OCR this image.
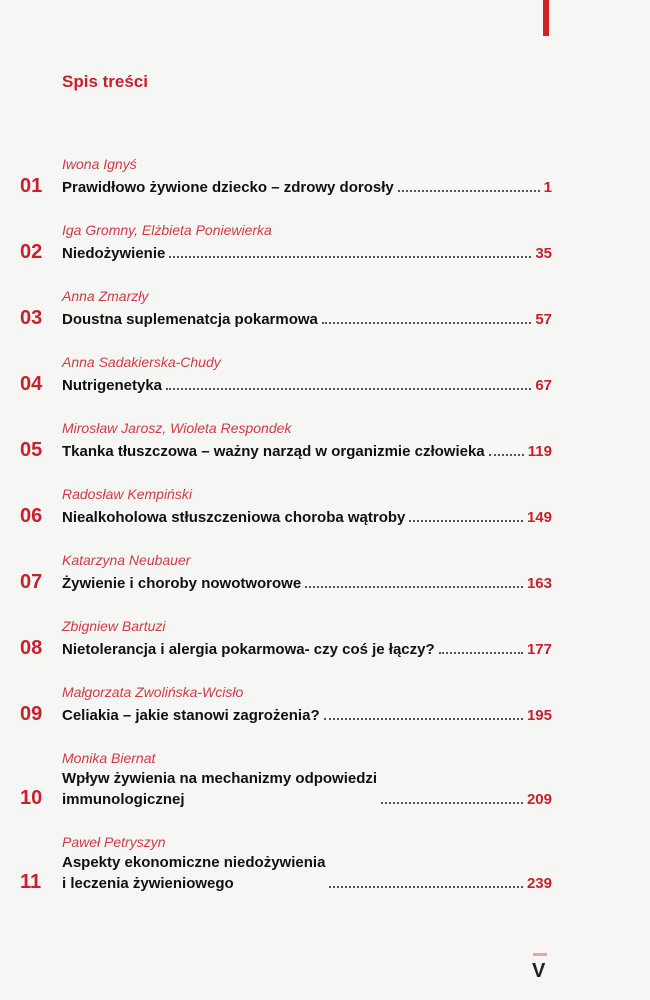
Spis treści
Iwona Ignyś
01	Prawidłowo żywione dziecko – zdrowy dorosły	1
Iga Gromny, Elżbieta Poniewierka
02	Niedożywienie	35
Anna Zmarzły
03	Doustna suplemenatcja pokarmowa	57
Anna Sadakierska-Chudy
04	Nutrigenetyka	67
Mirosław Jarosz, Wioleta Respondek
05	Tkanka tłuszczowa – ważny narząd w organizmie człowieka	119
Radosław Kempiński
06	Niealkoholowa stłuszczeniowa choroba wątroby	149
Katarzyna Neubauer
07	Żywienie i choroby nowotworowe	163
Zbigniew Bartuzi
08	Nietolerancja i alergia pokarmowa- czy coś je łączy?	177
Małgorzata Zwolińska-Wcisło
09	Celiakia – jakie stanowi zagrożenia?	195
Monika Biernat
10
Wpływ żywienia na mechanizmy odpowiedzi
immunologicznej	209
Paweł Petryszyn
11
Aspekty ekonomiczne niedożywienia
i leczenia żywieniowego	239
V
